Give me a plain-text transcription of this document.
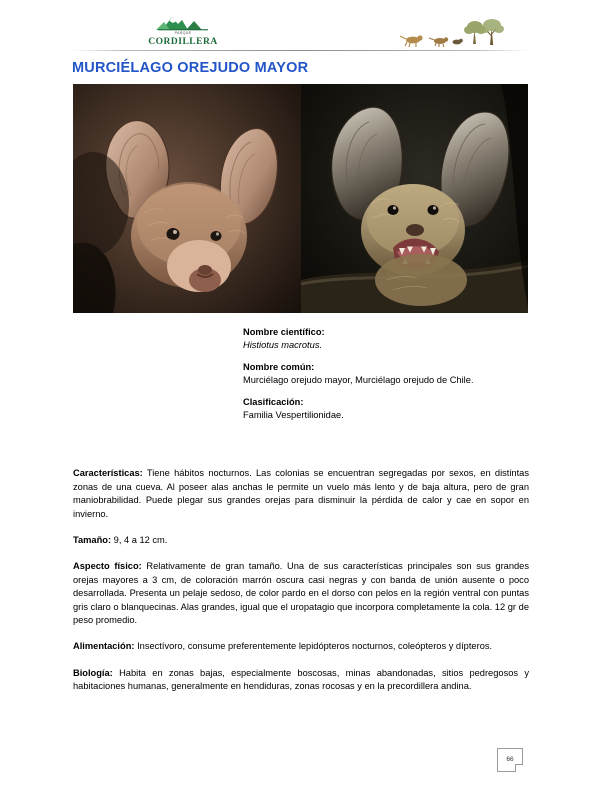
PARQUE
CORDILLERA
MURCIÉLAGO OREJUDO MAYOR
Nombre científico:
Histiotus macrotus.
Nombre común:
Murciélago orejudo mayor, Murciélago orejudo de Chile.
Clasificación:
Familia Vespertilionidae.

Características: Tiene hábitos nocturnos. Las colonias se encuentran segregadas por sexos, en distintas zonas de una cueva. Al poseer alas anchas le permite un vuelo más lento y de baja altura, pero de gran maniobrabilidad. Puede plegar sus grandes orejas para disminuir la pérdida de calor y cae en sopor en invierno.

Tamaño: 9, 4 a 12 cm.

Aspecto físico: Relativamente de gran tamaño. Una de sus características principales son sus grandes orejas mayores a 3 cm, de coloración marrón oscura casi negras y con banda de unión ausente o poco desarrollada. Presenta un pelaje sedoso, de color pardo en el dorso con pelos en la región ventral con puntas gris claro o blanquecinas. Alas grandes, igual que el uropatagio que incorpora completamente la cola. 12 gr de peso promedio.

Alimentación: Insectívoro, consume preferentemente lepidópteros nocturnos, coleópteros y dípteros.

Biología: Habita en zonas bajas, especialmente boscosas, minas abandonadas, sitios pedregosos y habitaciones humanas, generalmente en hendiduras, zonas rocosas y en la precordillera andina.

66
